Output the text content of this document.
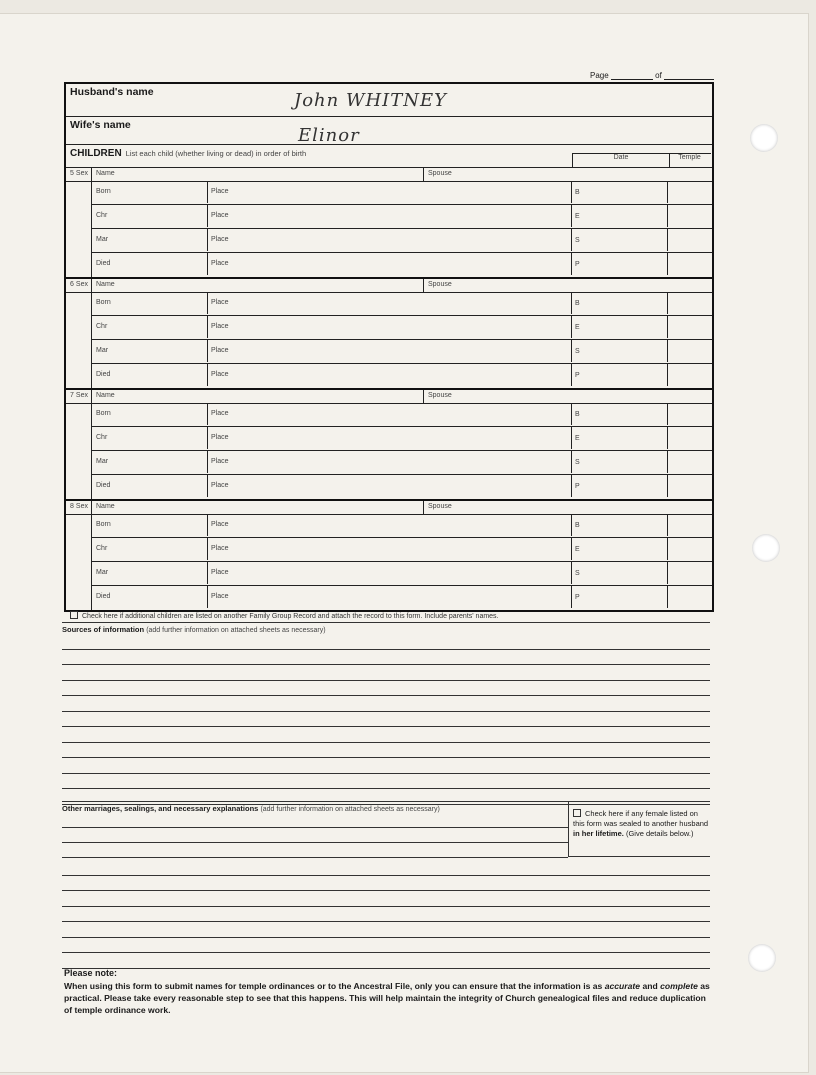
Page	of
Husband's name	John WHITNEY
Wife's name	Elinor
CHILDREN List each child (whether living or dead) in order of birth	Date	Temple
5 Sex Name	Spouse
Born	Place	B
Chr	Place	E
Mar	Place	S
Died	Place	P
6 Sex Name	Spouse
Born	Place	B
Chr	Place	E
Mar	Place	S
Died	Place	P
7 Sex Name	Spouse
Born	Place	B
Chr	Place	E
Mar	Place	S
Died	Place	P
8 Sex Name	Spouse
Born	Place	B
Chr	Place	E
Mar	Place	S
Died	Place	P
Check here if additional children are listed on another Family Group Record and attach the record to this form. Include parents' names.
Sources of information (add further information on attached sheets as necessary)
Other marriages, sealings, and necessary explanations (add further information on attached sheets as necessary)	Check here if any female listed on this form was sealed to another husband in her lifetime. (Give details below.)
Please note:
When using this form to submit names for temple ordinances or to the Ancestral File, only you can ensure that the information is as accurate and complete as practical. Please take every reasonable step to see that this happens. This will help maintain the integrity of Church genealogical files and reduce duplication of temple ordinance work.
